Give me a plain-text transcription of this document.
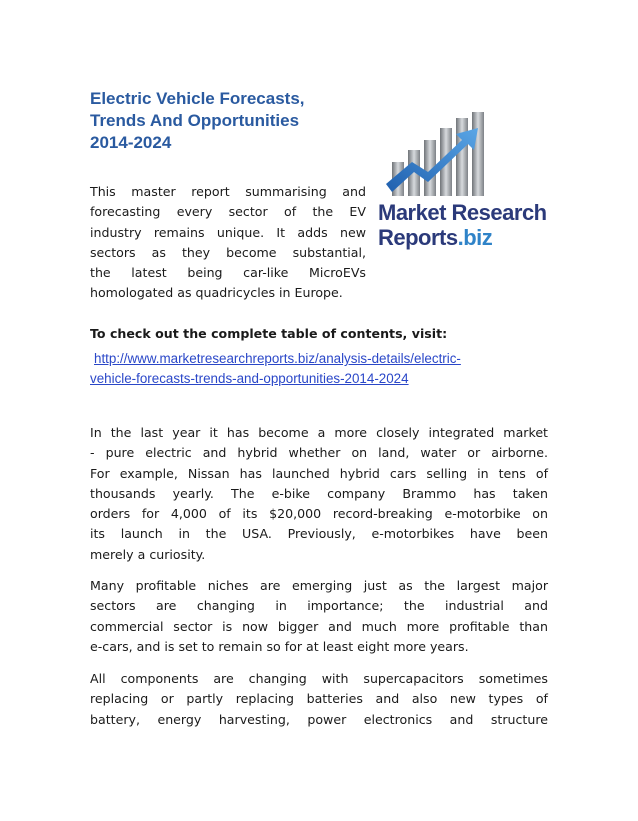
Electric Vehicle Forecasts,
Trends And Opportunities
2014-2024
This master report summarising and
forecasting every sector of the EV
industry remains unique. It adds new
sectors as they become substantial,
the latest being car-like MicroEVs
homologated as quadricycles in Europe.
Market Research
Reports.biz
To check out the complete table of contents, visit:
http://www.marketresearchreports.biz/analysis-details/electric-
vehicle-forecasts-trends-and-opportunities-2014-2024
In the last year it has become a more closely integrated market
- pure electric and hybrid whether on land, water or airborne.
For example, Nissan has launched hybrid cars selling in tens of
thousands yearly. The e-bike company Brammo has taken
orders for 4,000 of its $20,000 record-breaking e-motorbike on
its launch in the USA. Previously, e-motorbikes have been
merely a curiosity.
Many profitable niches are emerging just as the largest major
sectors are changing in importance; the industrial and
commercial sector is now bigger and much more profitable than
e-cars, and is set to remain so for at least eight more years.
All components are changing with supercapacitors sometimes
replacing or partly replacing batteries and also new types of
battery, energy harvesting, power electronics and structure
